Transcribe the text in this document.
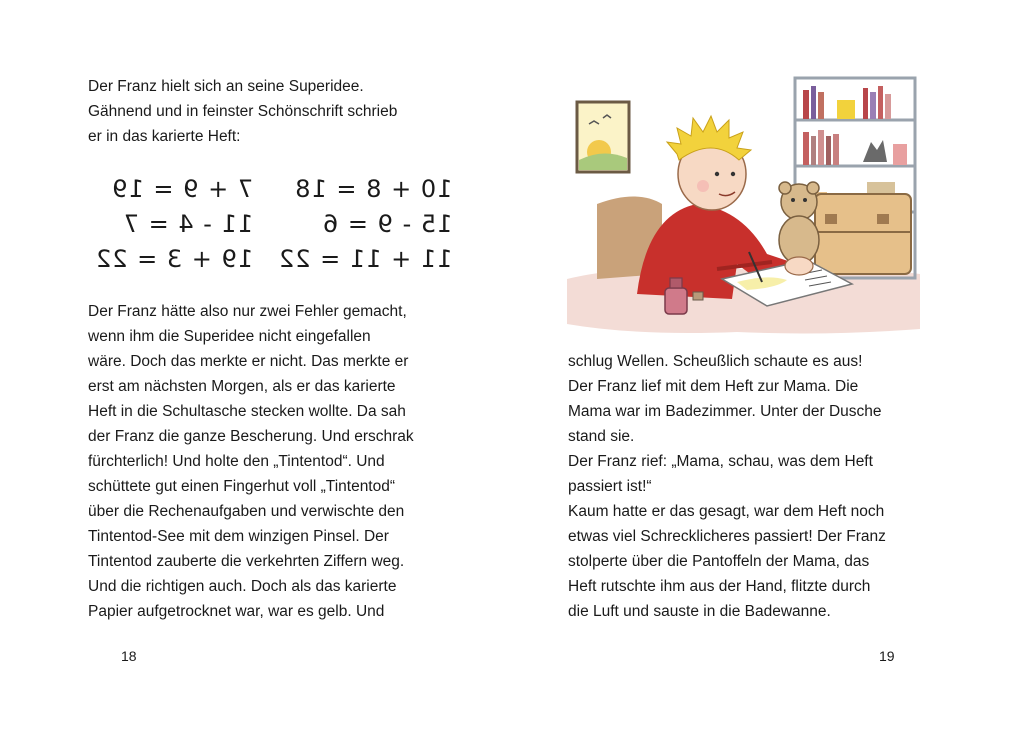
Der Franz hielt sich an seine Superidee.
Gähnend und in feinster Schönschrift schrieb
er in das karierte Heft:

7 + 9 = 19
11 - 4 = 7
19 + 3 = 22
10 + 8 = 18
15 - 9 = 6
11 + 11 = 22

Der Franz hätte also nur zwei Fehler gemacht,
wenn ihm die Superidee nicht eingefallen
wäre. Doch das merkte er nicht. Das merkte er
erst am nächsten Morgen, als er das karierte
Heft in die Schultasche stecken wollte. Da sah
der Franz die ganze Bescherung. Und erschrak
fürchterlich! Und holte den „Tintentod“. Und
schüttete gut einen Fingerhut voll „Tintentod“
über die Rechenaufgaben und verwischte den
Tintentod-See mit dem winzigen Pinsel. Der
Tintentod zauberte die verkehrten Ziffern weg.
Und die richtigen auch. Doch als das karierte
Papier aufgetrocknet war, war es gelb. Und

18

schlug Wellen. Scheußlich schaute es aus!
Der Franz lief mit dem Heft zur Mama. Die
Mama war im Badezimmer. Unter der Dusche
stand sie.
Der Franz rief: „Mama, schau, was dem Heft
passiert ist!“
Kaum hatte er das gesagt, war dem Heft noch
etwas viel Schrecklicheres passiert! Der Franz
stolperte über die Pantoffeln der Mama, das
Heft rutschte ihm aus der Hand, flitzte durch
die Luft und sauste in die Badewanne.

19
